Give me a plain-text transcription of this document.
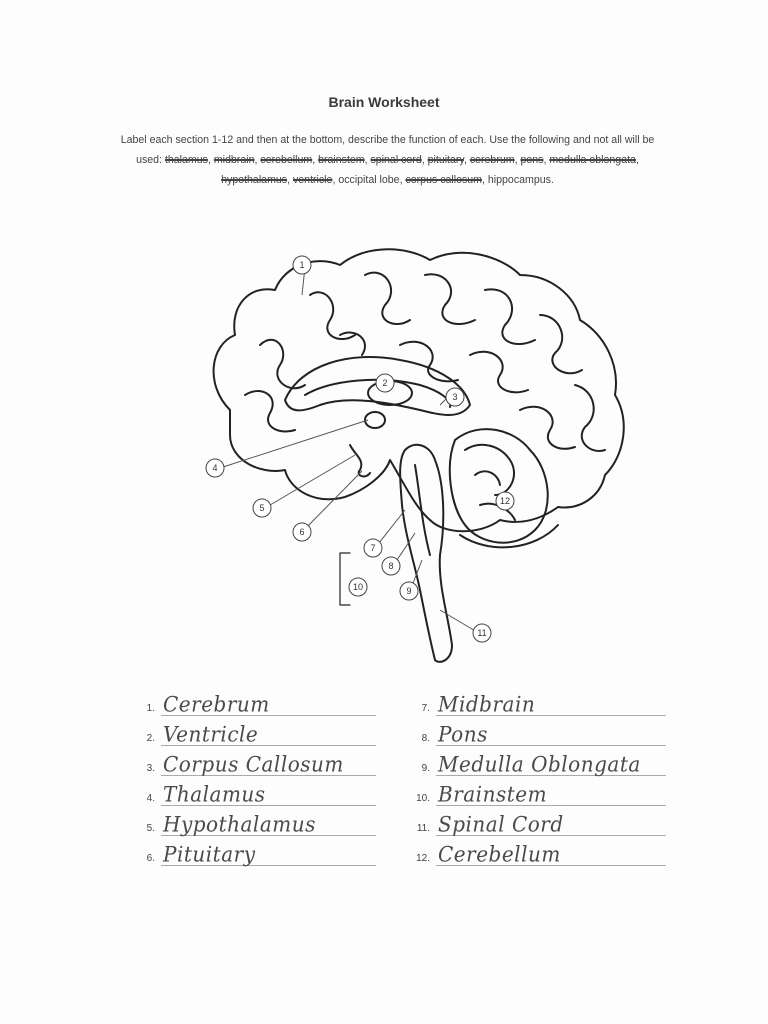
Brain Worksheet
Label each section 1-12 and then at the bottom, describe the function of each. Use the following and not all will be used: thalamus, midbrain, cerebellum, brainstem, spinal cord, pituitary, cerebrum, pons, medulla oblongata, hypothalamus, ventricle, occipital lobe, corpus callosum, hippocampus.
1
2
3
4
5
6
7
8
9
10
11
12
1. Cerebrum
2. Ventricle
3. Corpus Callosum
4. Thalamus
5. Hypothalamus
6. Pituitary
7. Midbrain
8. Pons
9. Medulla Oblongata
10. Brainstem
11. Spinal Cord
12. Cerebellum
